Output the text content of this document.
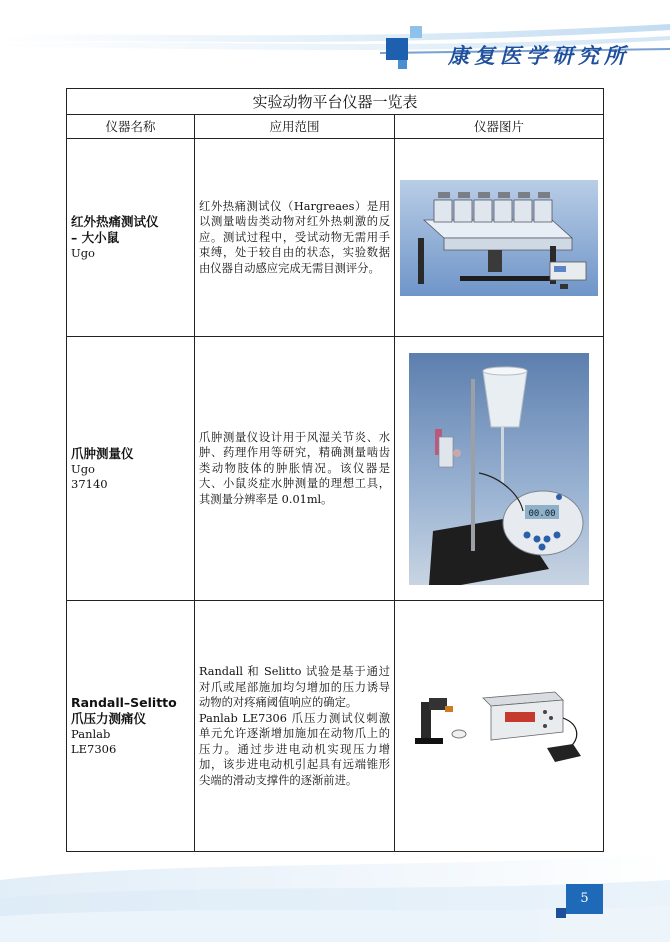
康复医学研究所
实验动物平台仪器一览表
仪器名称	应用范围	仪器图片
红外热痛测试仪
– 大小鼠
Ugo

红外热痛测试仪（Hargreaes）是用以测量啮齿类动物对红外热刺激的反应。测试过程中，受试动物无需用手束缚，处于较自由的状态，实验数据由仪器自动感应完成无需目测评分。

爪肿测量仪
Ugo
37140

爪肿测量仪设计用于风湿关节炎、水肿、药理作用等研究，精确测量啮齿类动物肢体的肿胀情况。该仪器是大、小鼠炎症水肿测量的理想工具，其测量分辨率是 0.01ml。

00.00
Randall–Selitto
爪压力测痛仪
Panlab
LE7306

Randall 和 Selitto 试验是基于通过对爪或尾部施加均匀增加的压力诱导动物的对疼痛阈值响应的确定。

Panlab LE7306 爪压力测试仪刺激单元允许逐渐增加施加在动物爪上的压力。通过步进电动机实现压力增加，该步进电动机引起具有远端锥形尖端的滑动支撑件的逐渐前进。

5
